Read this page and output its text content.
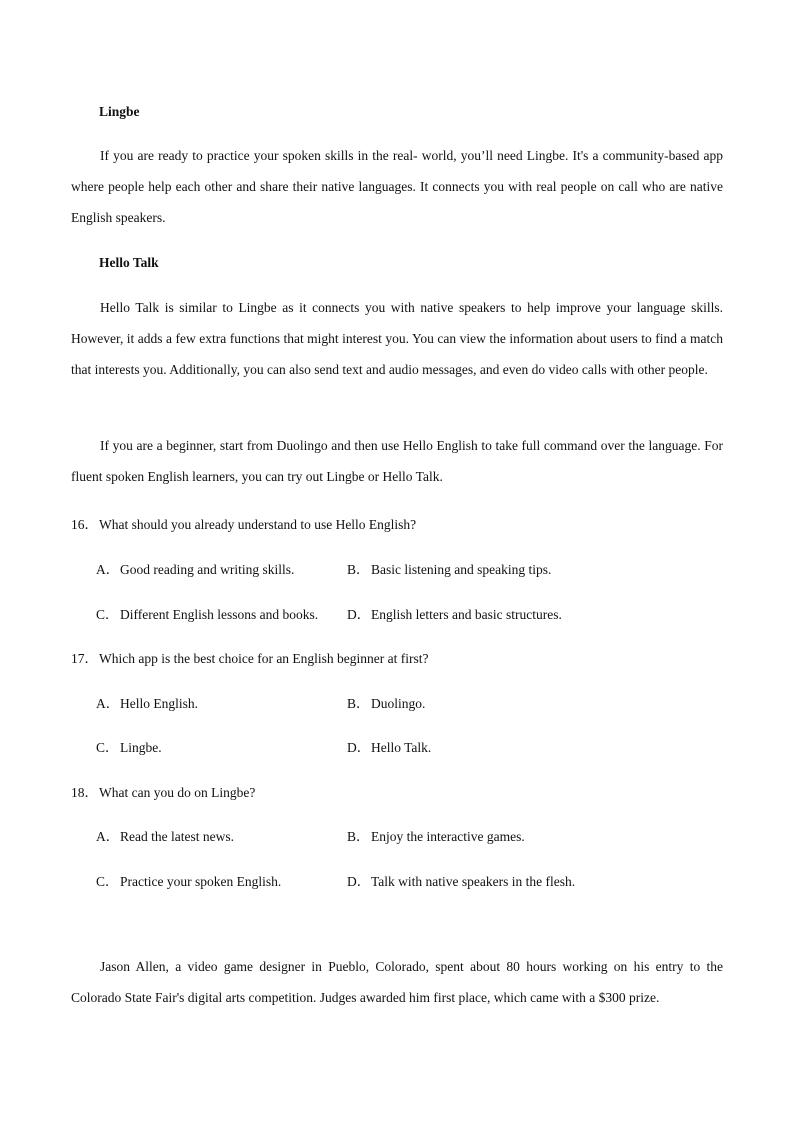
Lingbe

If you are ready to practice your spoken skills in the real- world, you’ll need Lingbe. It's a community-based app where people help each other and share their native languages. It connects you with real people on call who are native English speakers.

Hello Talk

Hello Talk is similar to Lingbe as it connects you with native speakers to help improve your language skills. However, it adds a few extra functions that might interest you. You can view the information about users to find a match that interests you. Additionally, you can also send text and audio messages, and even do video calls with other people.

If you are a beginner, start from Duolingo and then use Hello English to take full command over the language. For fluent spoken English learners, you can try out Lingbe or Hello Talk.

16．What should you already understand to use Hello English?
A．Good reading and writing skills.	B．Basic listening and speaking tips.
C．Different English lessons and books. D．English letters and basic structures.
17．Which app is the best choice for an English beginner at first?
A．Hello English.	B．Duolingo.
C．Lingbe.	D．Hello Talk.
18．What can you do on Lingbe?
A．Read the latest news.	B．Enjoy the interactive games.
C．Practice your spoken English.	D．Talk with native speakers in the flesh.

Jason Allen, a video game designer in Pueblo, Colorado, spent about 80 hours working on his entry to the Colorado State Fair's digital arts competition. Judges awarded him first place, which came with a $300 prize.
